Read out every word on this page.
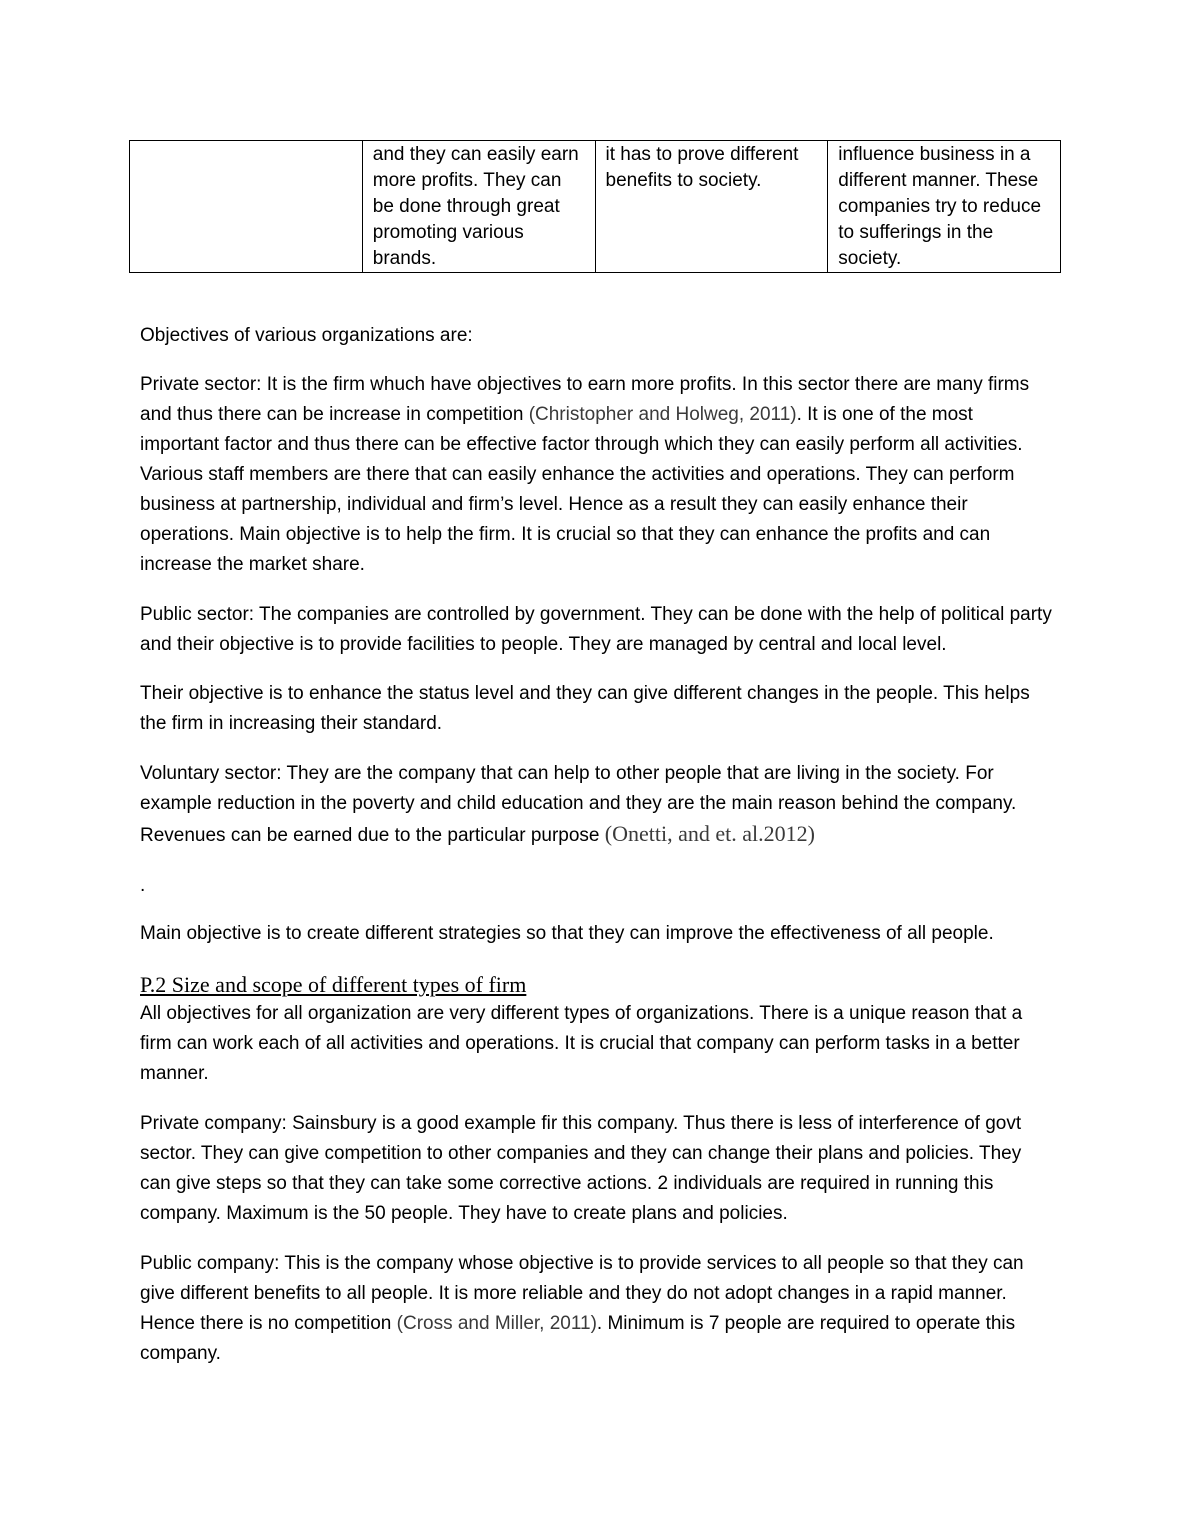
	and they can easily earn more profits. They can be done through great promoting various brands.	it has to prove different benefits to society.	influence business in a different manner. These companies try to reduce to sufferings in the society.

Objectives of various organizations are:

Private sector: It is the firm whuch have objectives to earn more profits. In this sector there are many firms and thus there can be increase in competition (Christopher and Holweg, 2011). It is one of the most important factor and thus there can be effective factor through which they can easily perform all activities. Various staff members are there that can easily enhance the activities and operations. They can perform business at partnership, individual and firm’s level. Hence as a result they can easily enhance their operations. Main objective is to help the firm. It is crucial so that they can enhance the profits and can increase the market share.

Public sector: The companies are controlled by government. They can be done with the help of political party and their objective is to provide facilities to people. They are managed by central and local level.

Their objective is to enhance the status level and they can give different changes in the people. This helps the firm in increasing their standard.

Voluntary sector: They are the company that can help to other people that are living in the society. For example reduction in the poverty and child education and they are the main reason behind the company. Revenues can be earned due to the particular purpose (Onetti, and et. al.2012)

.

Main objective is to create different strategies so that they can improve the effectiveness of all people.

P.2 Size and scope of different types of firm

All objectives for all organization are very different types of organizations. There is a unique reason that a firm can work each of all activities and operations. It is crucial that company can perform tasks in a better manner.

Private company: Sainsbury is a good example fir this company. Thus there is less of interference of govt sector. They can give competition to other companies and they can change their plans and policies. They can give steps so that they can take some corrective actions. 2 individuals are required in running this company. Maximum is the 50 people. They have to create plans and policies.

Public company: This is the company whose objective is to provide services to all people so that they can give different benefits to all people. It is more reliable and they do not adopt changes in a rapid manner. Hence there is no competition (Cross and Miller, 2011). Minimum is 7 people are required to operate this company.
